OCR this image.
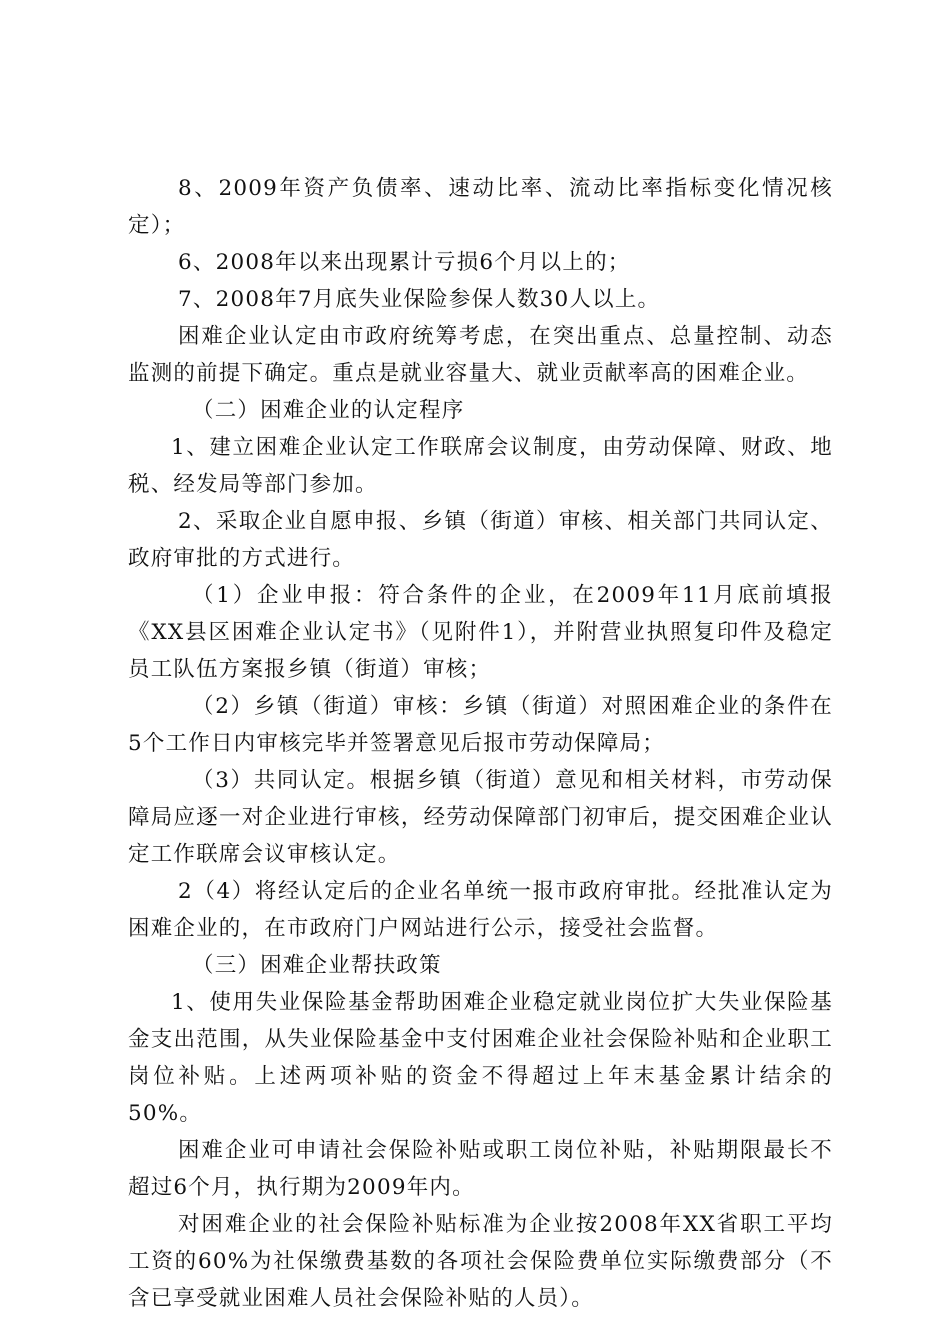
8、2009年资产负债率、速动比率、流动比率指标变化情况核定）；

6、2008年以来出现累计亏损6个月以上的；

7、2008年7月底失业保险参保人数30人以上。

困难企业认定由市政府统筹考虑，在突出重点、总量控制、动态监测的前提下确定。重点是就业容量大、就业贡献率高的困难企业。

（二）困难企业的认定程序

1、建立困难企业认定工作联席会议制度，由劳动保障、财政、地税、经发局等部门参加。

2、采取企业自愿申报、乡镇（街道）审核、相关部门共同认定、政府审批的方式进行。

（1）企业申报：符合条件的企业，在2009年11月底前填报《XX县区困难企业认定书》（见附件1），并附营业执照复印件及稳定员工队伍方案报乡镇（街道）审核；

（2）乡镇（街道）审核：乡镇（街道）对照困难企业的条件在5个工作日内审核完毕并签署意见后报市劳动保障局；

（3）共同认定。根据乡镇（街道）意见和相关材料，市劳动保障局应逐一对企业进行审核，经劳动保障部门初审后，提交困难企业认定工作联席会议审核认定。

2（4）将经认定后的企业名单统一报市政府审批。经批准认定为困难企业的，在市政府门户网站进行公示，接受社会监督。

（三）困难企业帮扶政策

1、使用失业保险基金帮助困难企业稳定就业岗位扩大失业保险基金支出范围，从失业保险基金中支付困难企业社会保险补贴和企业职工岗位补贴。上述两项补贴的资金不得超过上年末基金累计结余的50%。

困难企业可申请社会保险补贴或职工岗位补贴，补贴期限最长不超过6个月，执行期为2009年内。

对困难企业的社会保险补贴标准为企业按2008年XX省职工平均工资的60%为社保缴费基数的各项社会保险费单位实际缴费部分（不含已享受就业困难人员社会保险补贴的人员）。
